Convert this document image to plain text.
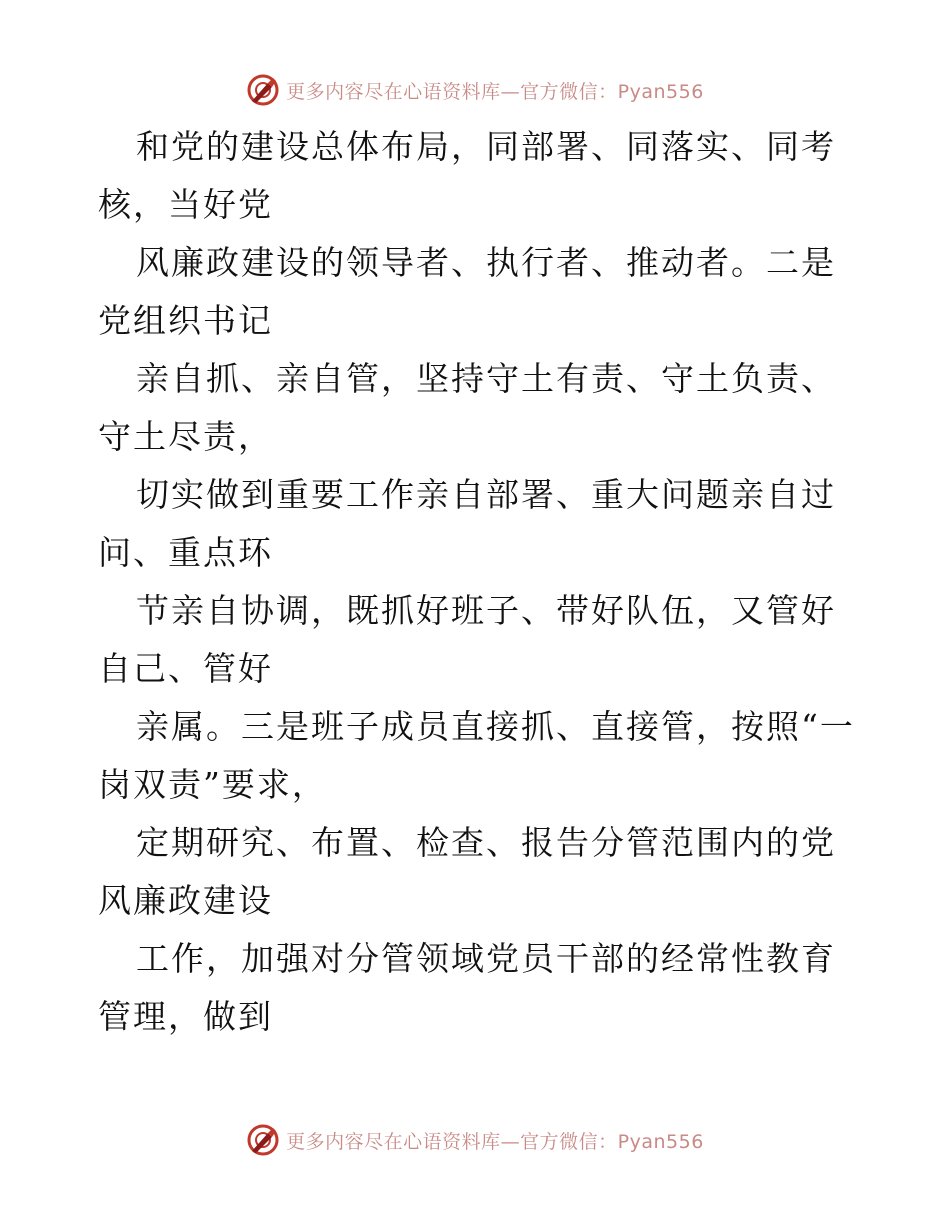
更多内容尽在心语资料库—官方微信：Pyan556

和党的建设总体布局，同部署、同落实、同考核，当好党

风廉政建设的领导者、执行者、推动者。二是党组织书记

亲自抓、亲自管，坚持守土有责、守土负责、守土尽责，

切实做到重要工作亲自部署、重大问题亲自过问、重点环

节亲自协调，既抓好班子、带好队伍，又管好自己、管好

亲属。三是班子成员直接抓、直接管，按照“一岗双责”要求，

定期研究、布置、检查、报告分管范围内的党风廉政建设

工作，加强对分管领域党员干部的经常性教育管理，做到

更多内容尽在心语资料库—官方微信：Pyan556
